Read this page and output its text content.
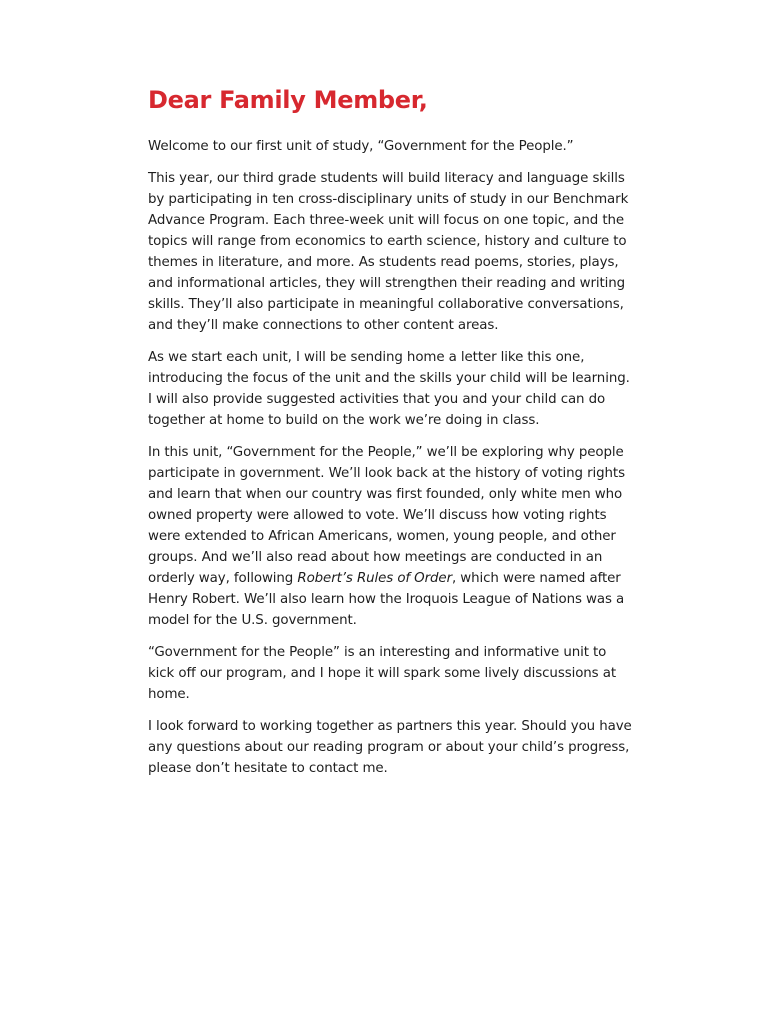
Dear Family Member,

Welcome to our first unit of study, “Government for the People.”

This year, our third grade students will build literacy and language skills by participating in ten cross-disciplinary units of study in our Benchmark Advance Program. Each three-week unit will focus on one topic, and the topics will range from economics to earth science, history and culture to themes in literature, and more. As students read poems, stories, plays, and informational articles, they will strengthen their reading and writing skills. They’ll also participate in meaningful collaborative conversations, and they’ll make connections to other content areas.

As we start each unit, I will be sending home a letter like this one, introducing the focus of the unit and the skills your child will be learning. I will also provide suggested activities that you and your child can do together at home to build on the work we’re doing in class.

In this unit, “Government for the People,” we’ll be exploring why people participate in government. We’ll look back at the history of voting rights and learn that when our country was first founded, only white men who owned property were allowed to vote. We’ll discuss how voting rights were extended to African Americans, women, young people, and other groups. And we’ll also read about how meetings are conducted in an orderly way, following Robert’s Rules of Order, which were named after Henry Robert. We’ll also learn how the Iroquois League of Nations was a model for the U.S. government.

“Government for the People” is an interesting and informative unit to kick off our program, and I hope it will spark some lively discussions at home.

I look forward to working together as partners this year. Should you have any questions about our reading program or about your child’s progress, please don’t hesitate to contact me.
